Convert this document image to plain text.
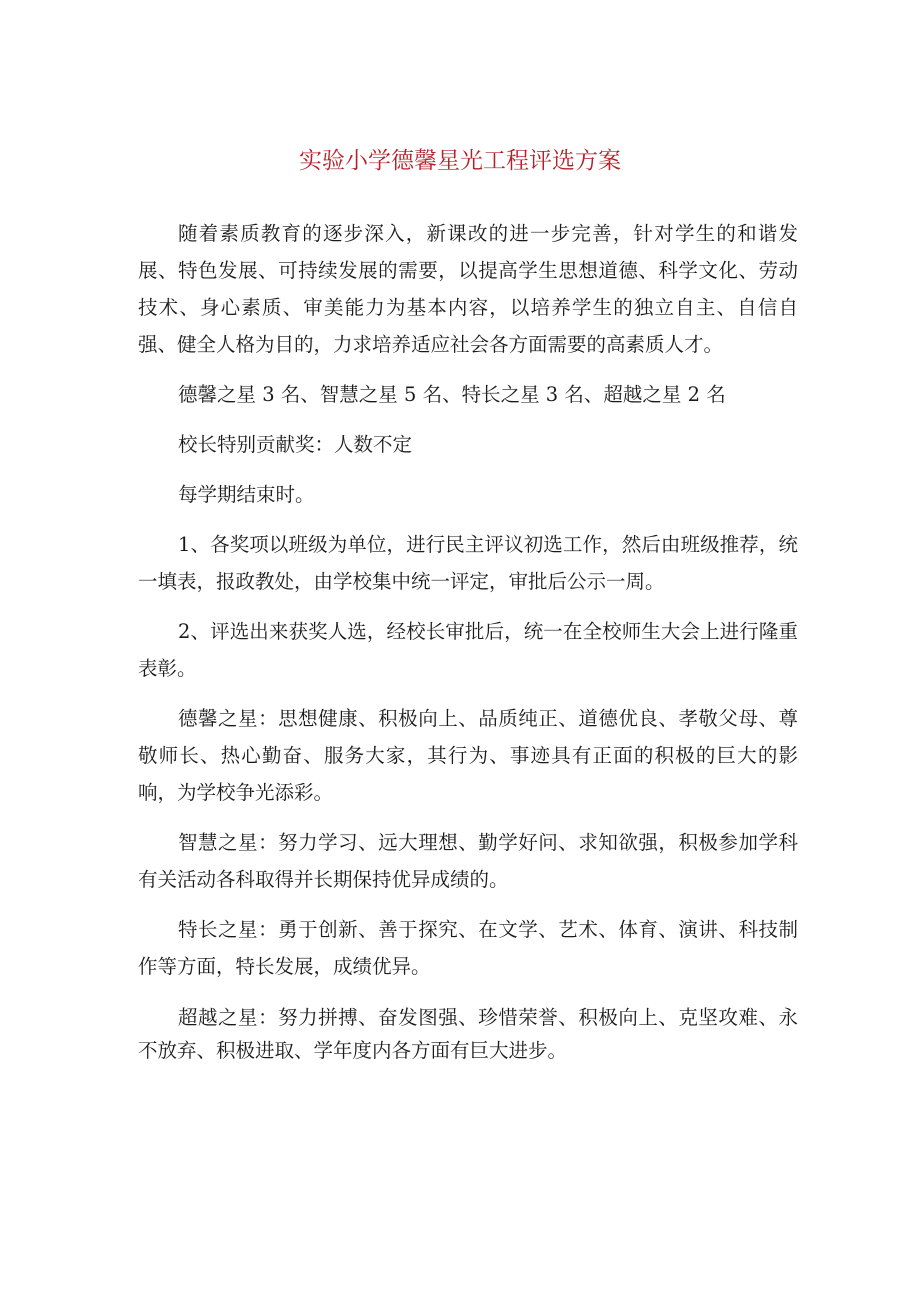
实验小学德馨星光工程评选方案

随着素质教育的逐步深入，新课改的进一步完善，针对学生的和谐发展、特色发展、可持续发展的需要，以提高学生思想道德、科学文化、劳动技术、身心素质、审美能力为基本内容，以培养学生的独立自主、自信自强、健全人格为目的，力求培养适应社会各方面需要的高素质人才。

德馨之星 3 名、智慧之星 5 名、特长之星 3 名、超越之星 2 名

校长特别贡献奖：人数不定

每学期结束时。

1、各奖项以班级为单位，进行民主评议初选工作，然后由班级推荐，统一填表，报政教处，由学校集中统一评定，审批后公示一周。

2、评选出来获奖人选，经校长审批后，统一在全校师生大会上进行隆重表彰。

德馨之星：思想健康、积极向上、品质纯正、道德优良、孝敬父母、尊敬师长、热心勤奋、服务大家，其行为、事迹具有正面的积极的巨大的影响，为学校争光添彩。

智慧之星：努力学习、远大理想、勤学好问、求知欲强，积极参加学科有关活动各科取得并长期保持优异成绩的。

特长之星：勇于创新、善于探究、在文学、艺术、体育、演讲、科技制作等方面，特长发展，成绩优异。

超越之星：努力拼搏、奋发图强、珍惜荣誉、积极向上、克坚攻难、永不放弃、积极进取、学年度内各方面有巨大进步。
